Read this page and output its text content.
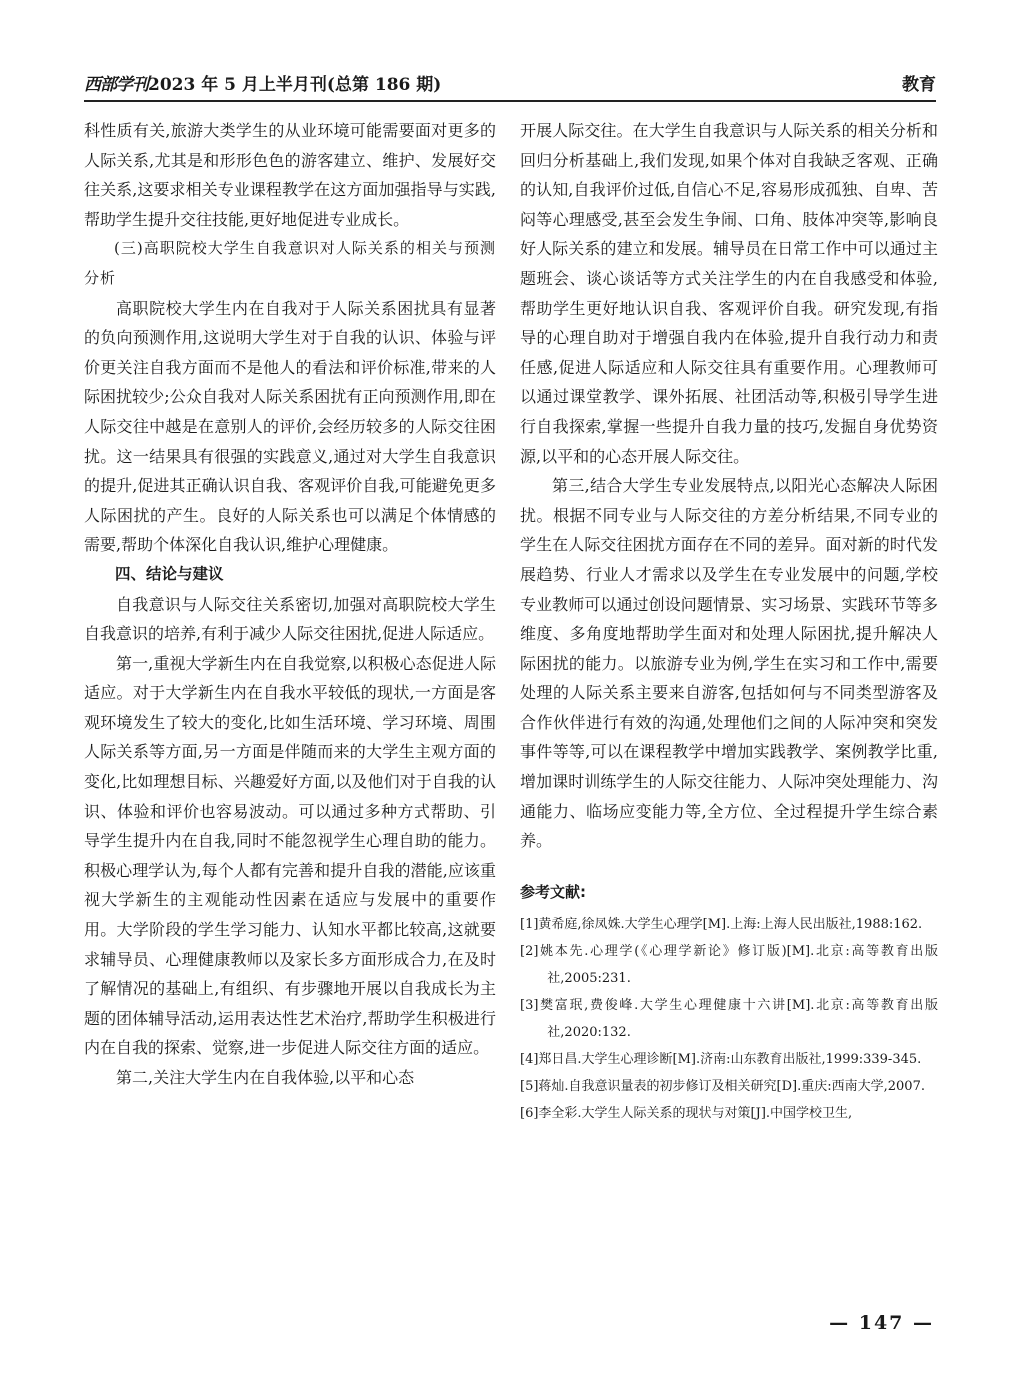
西部学刊2023 年 5 月上半月刊(总第 186 期)	教育

科性质有关,旅游大类学生的从业环境可能需要面对更多的人际关系,尤其是和形形色色的游客建立、维护、发展好交往关系,这要求相关专业课程教学在这方面加强指导与实践,帮助学生提升交往技能,更好地促进专业成长。

(三)高职院校大学生自我意识对人际关系的相关与预测分析

高职院校大学生内在自我对于人际关系困扰具有显著的负向预测作用,这说明大学生对于自我的认识、体验与评价更关注自我方面而不是他人的看法和评价标准,带来的人际困扰较少;公众自我对人际关系困扰有正向预测作用,即在人际交往中越是在意别人的评价,会经历较多的人际交往困扰。这一结果具有很强的实践意义,通过对大学生自我意识的提升,促进其正确认识自我、客观评价自我,可能避免更多人际困扰的产生。良好的人际关系也可以满足个体情感的需要,帮助个体深化自我认识,维护心理健康。

四、结论与建议

自我意识与人际交往关系密切,加强对高职院校大学生自我意识的培养,有利于减少人际交往困扰,促进人际适应。

第一,重视大学新生内在自我觉察,以积极心态促进人际适应。对于大学新生内在自我水平较低的现状,一方面是客观环境发生了较大的变化,比如生活环境、学习环境、周围人际关系等方面,另一方面是伴随而来的大学生主观方面的变化,比如理想目标、兴趣爱好方面,以及他们对于自我的认识、体验和评价也容易波动。可以通过多种方式帮助、引导学生提升内在自我,同时不能忽视学生心理自助的能力。积极心理学认为,每个人都有完善和提升自我的潜能,应该重视大学新生的主观能动性因素在适应与发展中的重要作用。大学阶段的学生学习能力、认知水平都比较高,这就要求辅导员、心理健康教师以及家长多方面形成合力,在及时了解情况的基础上,有组织、有步骤地开展以自我成长为主题的团体辅导活动,运用表达性艺术治疗,帮助学生积极进行内在自我的探索、觉察,进一步促进人际交往方面的适应。

第二,关注大学生内在自我体验,以平和心态

开展人际交往。在大学生自我意识与人际关系的相关分析和回归分析基础上,我们发现,如果个体对自我缺乏客观、正确的认知,自我评价过低,自信心不足,容易形成孤独、自卑、苦闷等心理感受,甚至会发生争闹、口角、肢体冲突等,影响良好人际关系的建立和发展。辅导员在日常工作中可以通过主题班会、谈心谈话等方式关注学生的内在自我感受和体验,帮助学生更好地认识自我、客观评价自我。研究发现,有指导的心理自助对于增强自我内在体验,提升自我行动力和责任感,促进人际适应和人际交往具有重要作用。心理教师可以通过课堂教学、课外拓展、社团活动等,积极引导学生进行自我探索,掌握一些提升自我力量的技巧,发掘自身优势资源,以平和的心态开展人际交往。

第三,结合大学生专业发展特点,以阳光心态解决人际困扰。根据不同专业与人际交往的方差分析结果,不同专业的学生在人际交往困扰方面存在不同的差异。面对新的时代发展趋势、行业人才需求以及学生在专业发展中的问题,学校专业教师可以通过创设问题情景、实习场景、实践环节等多维度、多角度地帮助学生面对和处理人际困扰,提升解决人际困扰的能力。以旅游专业为例,学生在实习和工作中,需要处理的人际关系主要来自游客,包括如何与不同类型游客及合作伙伴进行有效的沟通,处理他们之间的人际冲突和突发事件等等,可以在课程教学中增加实践教学、案例教学比重,增加课时训练学生的人际交往能力、人际冲突处理能力、沟通能力、临场应变能力等,全方位、全过程提升学生综合素养。

参考文献:

[1]黄希庭,徐凤姝.大学生心理学[M].上海:上海人民出版社,1988:162.

[2]姚本先.心理学(《心理学新论》修订版)[M].北京:高等教育出版社,2005:231.

[3]樊富珉,费俊峰.大学生心理健康十六讲[M].北京:高等教育出版社,2020:132.

[4]郑日昌.大学生心理诊断[M].济南:山东教育出版社,1999:339-345.

[5]蒋灿.自我意识量表的初步修订及相关研究[D].重庆:西南大学,2007.

[6]李全彩.大学生人际关系的现状与对策[J].中国学校卫生,

— 147 —
